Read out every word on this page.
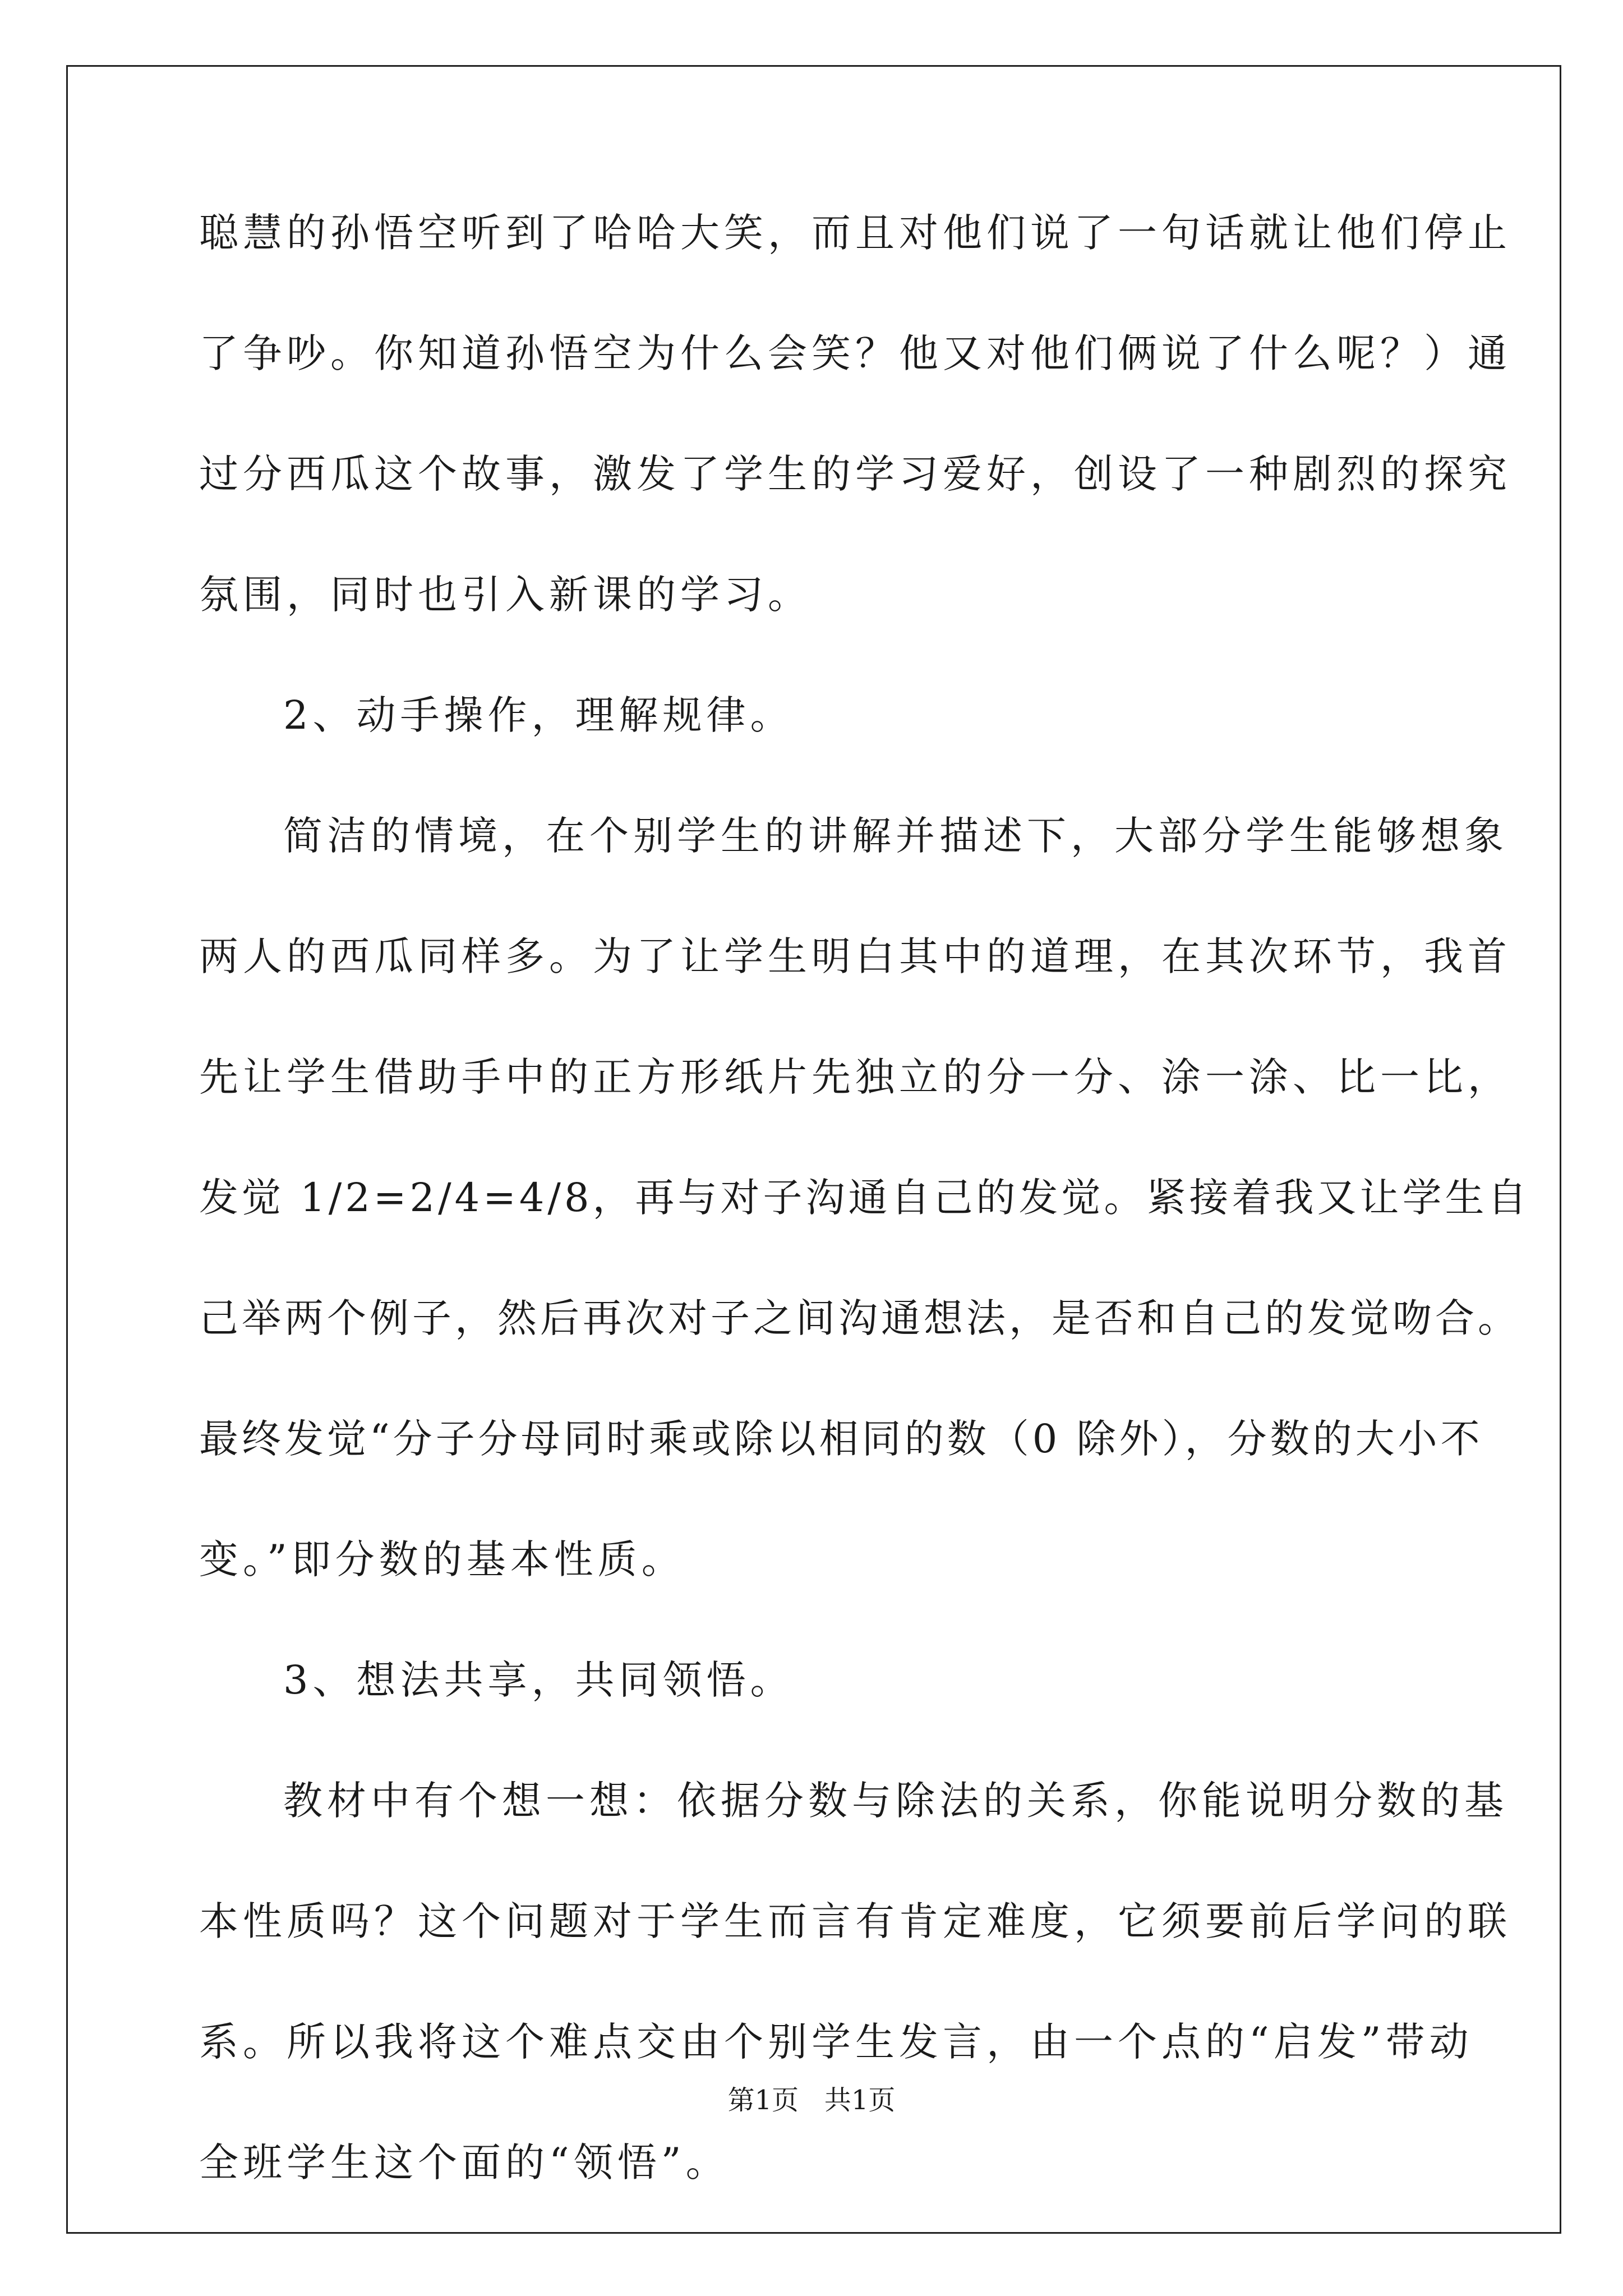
聪慧的孙悟空听到了哈哈大笑，而且对他们说了一句话就让他们停止
了争吵。你知道孙悟空为什么会笑？他又对他们俩说了什么呢？）通
过分西瓜这个故事，激发了学生的学习爱好，创设了一种剧烈的探究
氛围，同时也引入新课的学习。
2、动手操作，理解规律。
简洁的情境，在个别学生的讲解并描述下，大部分学生能够想象
两人的西瓜同样多。为了让学生明白其中的道理，在其次环节，我首
先让学生借助手中的正方形纸片先独立的分一分、涂一涂、比一比，
发觉 1/2=2/4=4/8，再与对子沟通自己的发觉。紧接着我又让学生自
己举两个例子，然后再次对子之间沟通想法，是否和自己的发觉吻合。
最终发觉“分子分母同时乘或除以相同的数（0 除外），分数的大小不
变。”即分数的基本性质。
3、想法共享，共同领悟。
教材中有个想一想：依据分数与除法的关系，你能说明分数的基
本性质吗？这个问题对于学生而言有肯定难度，它须要前后学问的联
系。所以我将这个难点交由个别学生发言，由一个点的“启发”带动
全班学生这个面的“领悟”。
第1页   共1页
